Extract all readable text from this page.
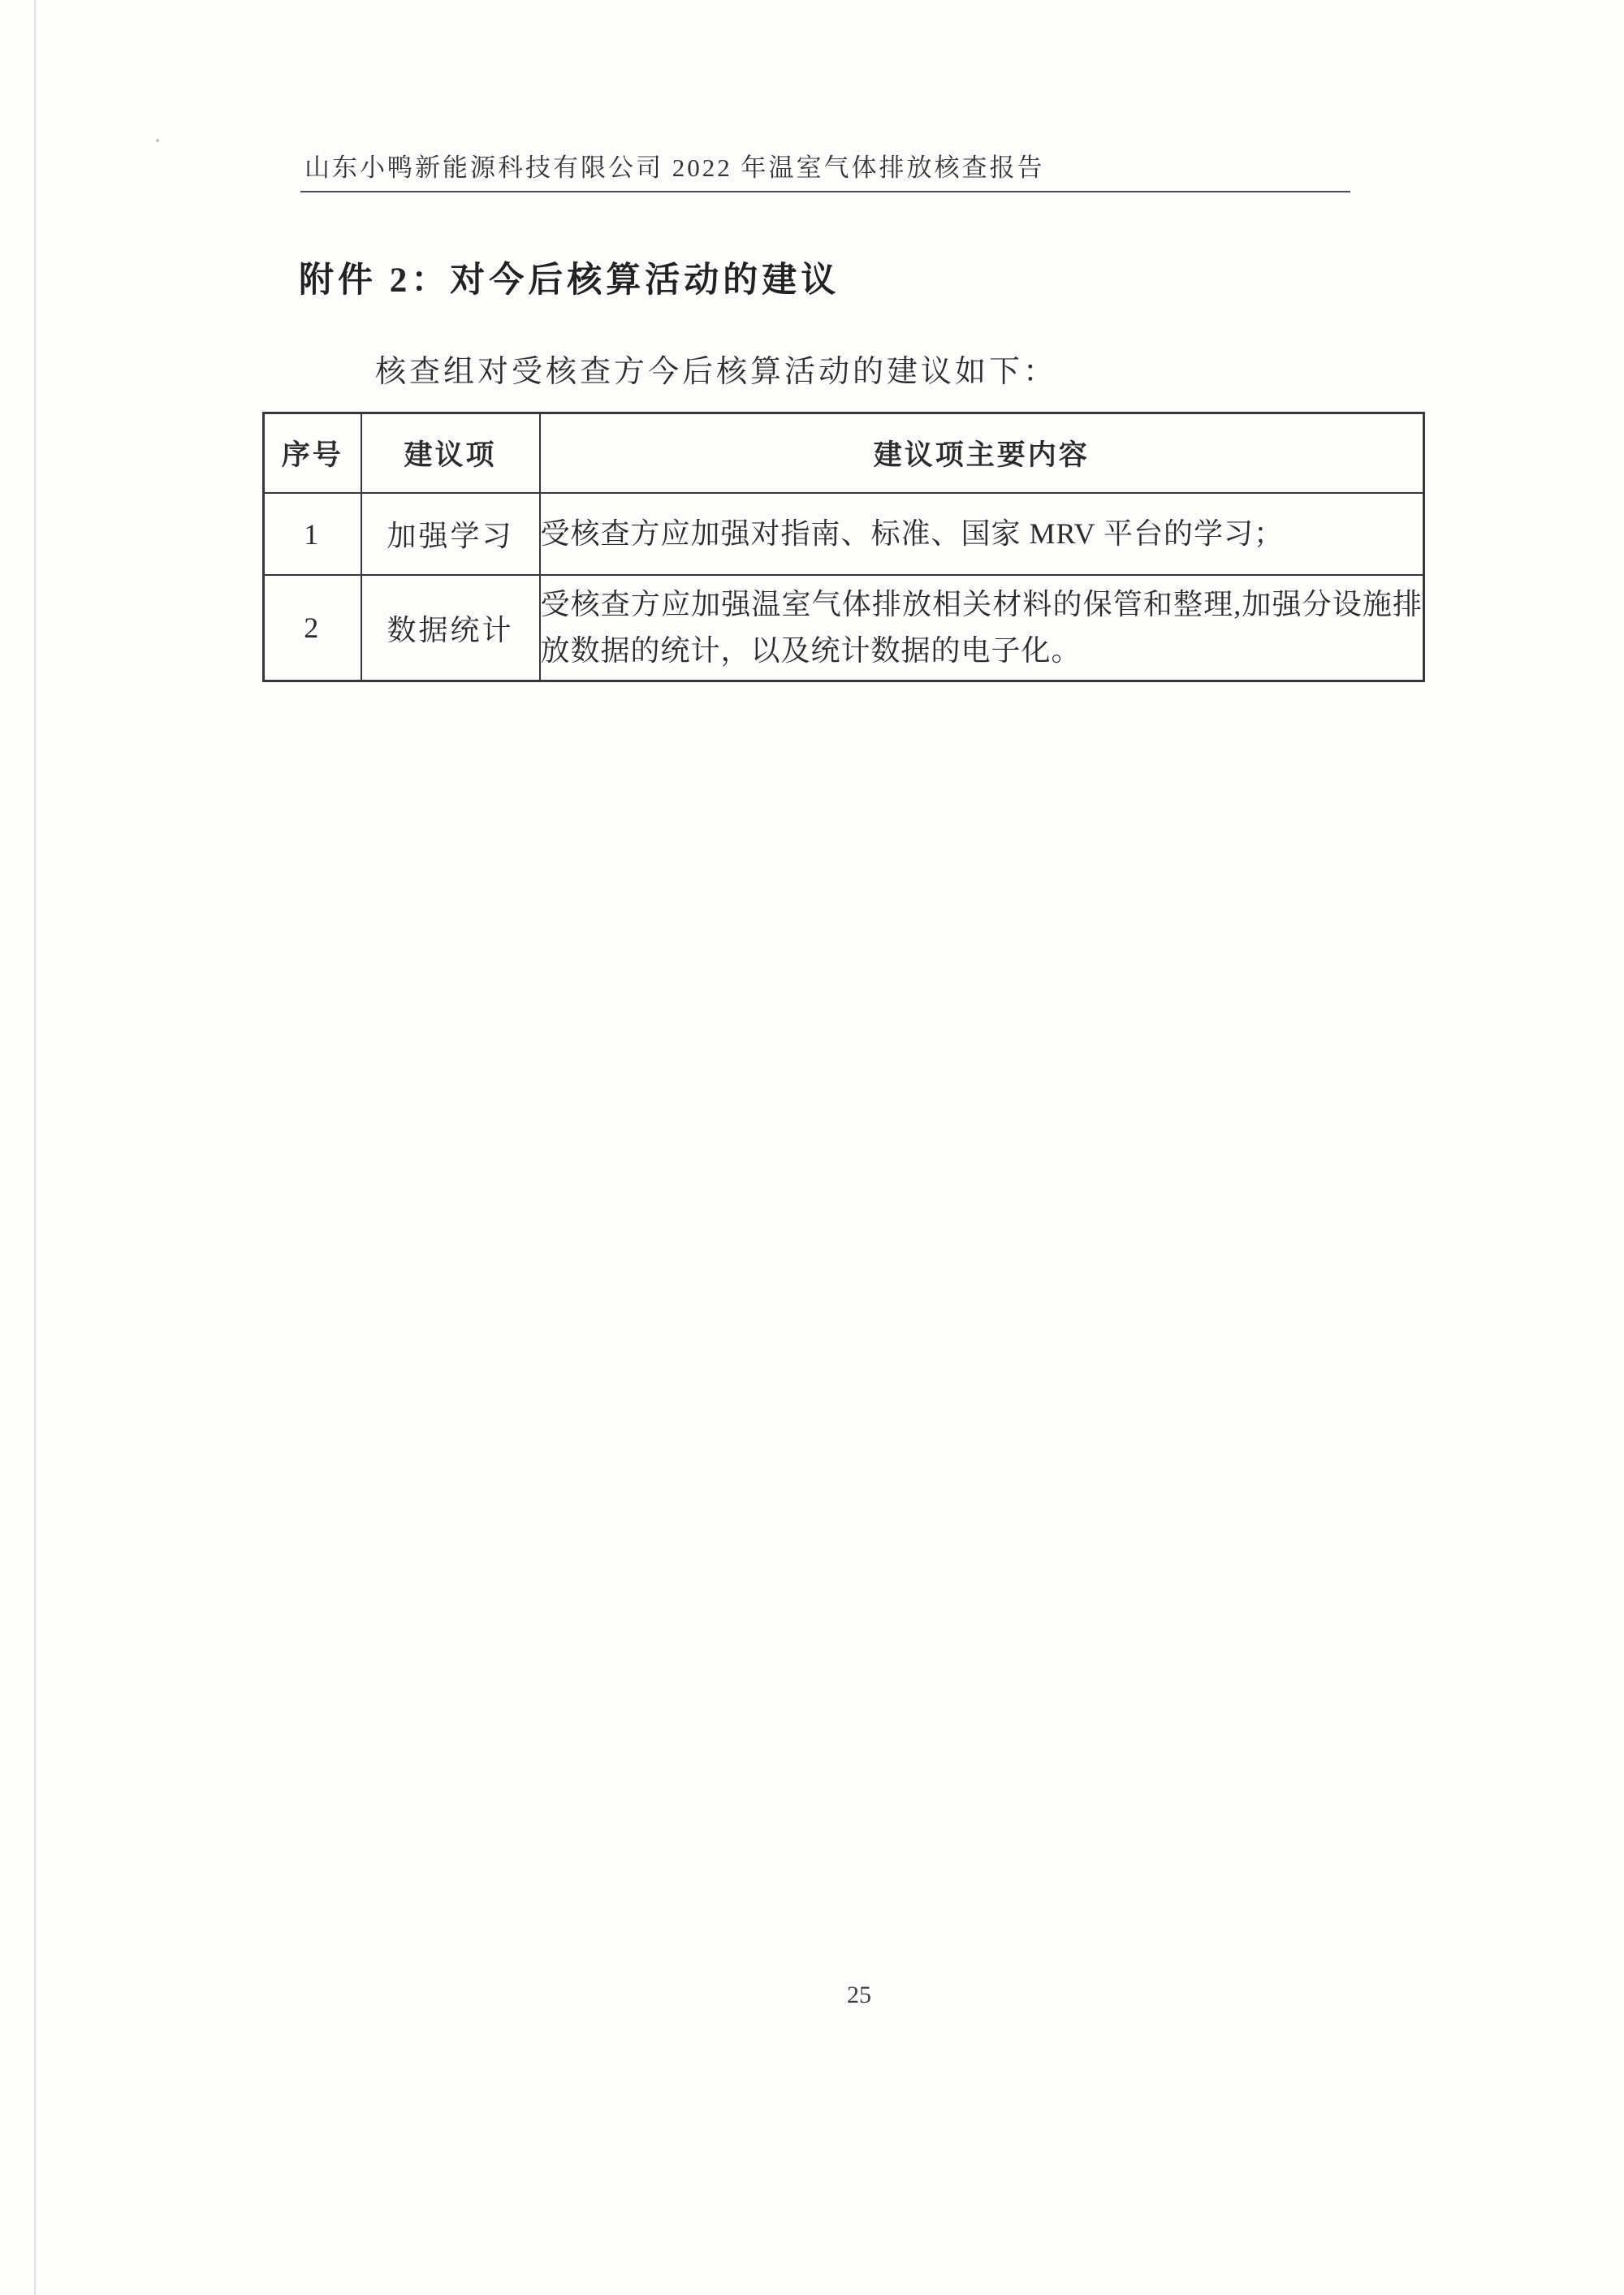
山东小鸭新能源科技有限公司 2022 年温室气体排放核查报告
附件 2：对今后核算活动的建议
核查组对受核查方今后核算活动的建议如下：
序号	建议项	建议项主要内容
1	加强学习	受核查方应加强对指南、标准、国家 MRV 平台的学习；
2	数据统计	受核查方应加强温室气体排放相关材料的保管和整理,加强分设施排放数据的统计，以及统计数据的电子化。
25
